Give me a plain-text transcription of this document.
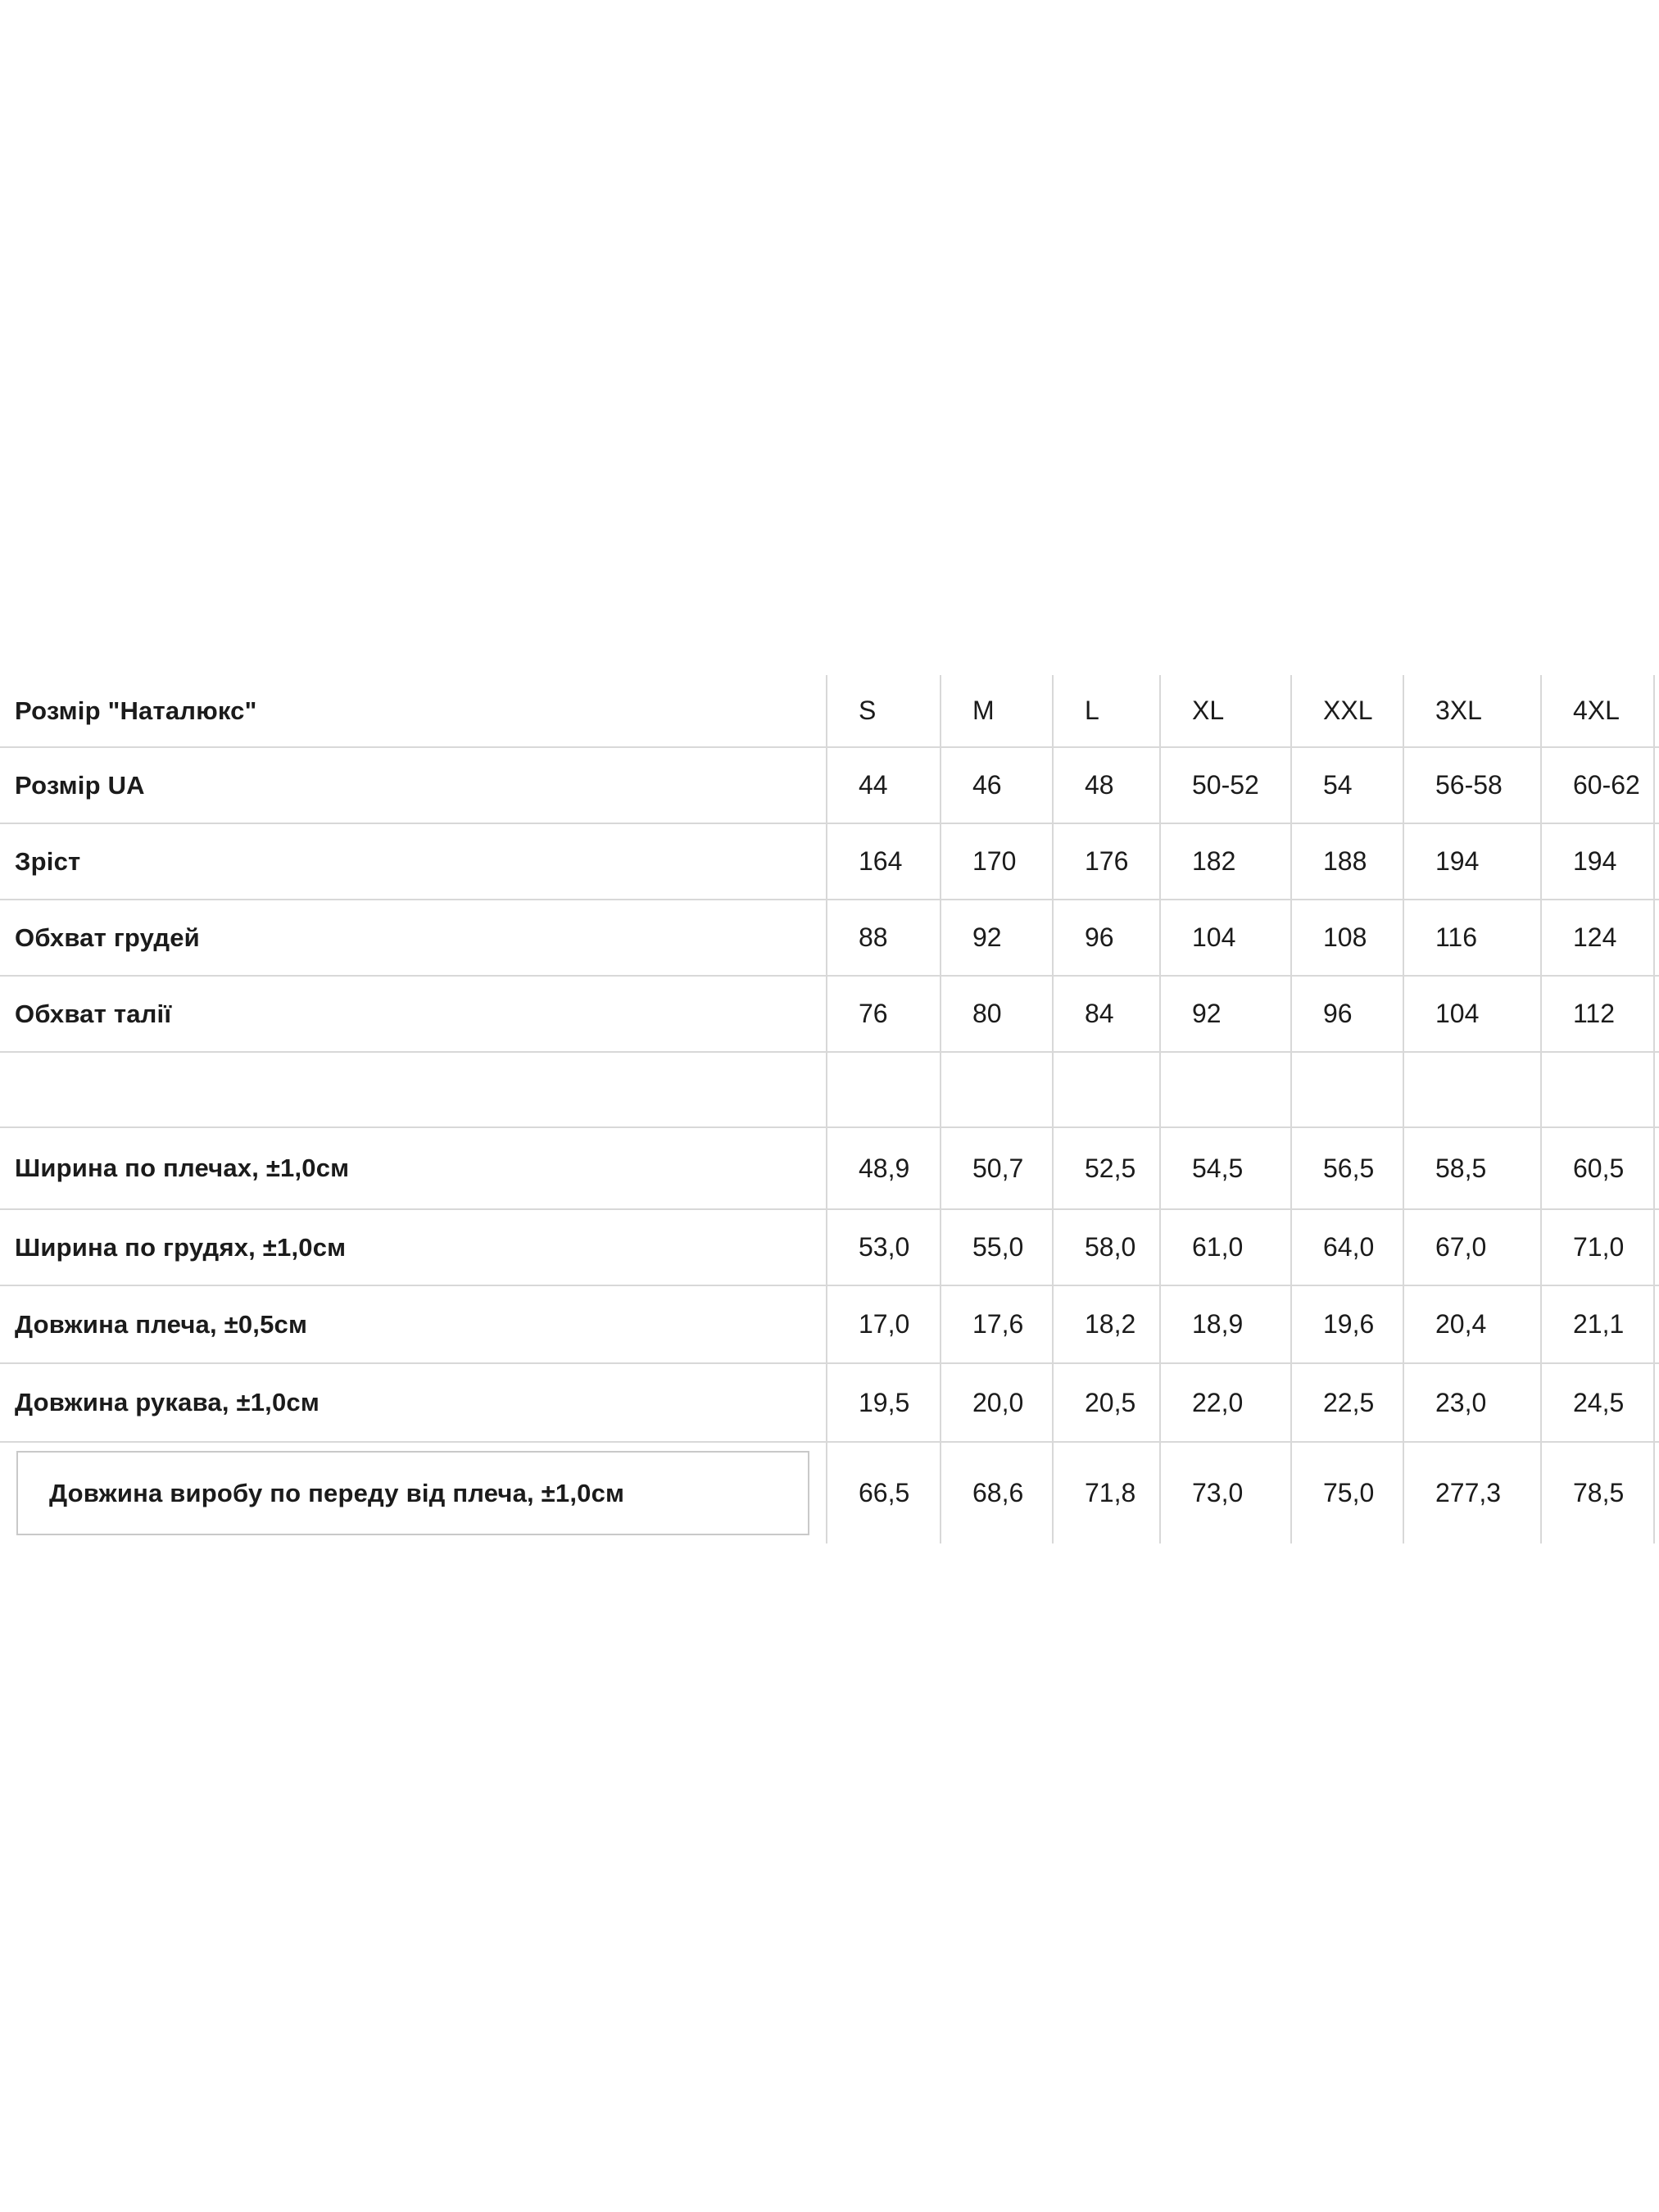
Розмір "Наталюкс"	S	M	L	XL	XXL	3XL	4XL
Розмір UA	44	46	48	50-52	54	56-58	60-62
Зріст	164	170	176	182	188	194	194
Обхват грудей	88	92	96	104	108	116	124
Обхват талії	76	80	84	92	96	104	112
Ширина по плечах, ±1,0см	48,9	50,7	52,5	54,5	56,5	58,5	60,5
Ширина по грудях, ±1,0см	53,0	55,0	58,0	61,0	64,0	67,0	71,0
Довжина плеча, ±0,5см	17,0	17,6	18,2	18,9	19,6	20,4	21,1
Довжина рукава, ±1,0см	19,5	20,0	20,5	22,0	22,5	23,0	24,5
Довжина виробу по переду від плеча, ±1,0см	66,5	68,6	71,8	73,0	75,0	277,3	78,5
